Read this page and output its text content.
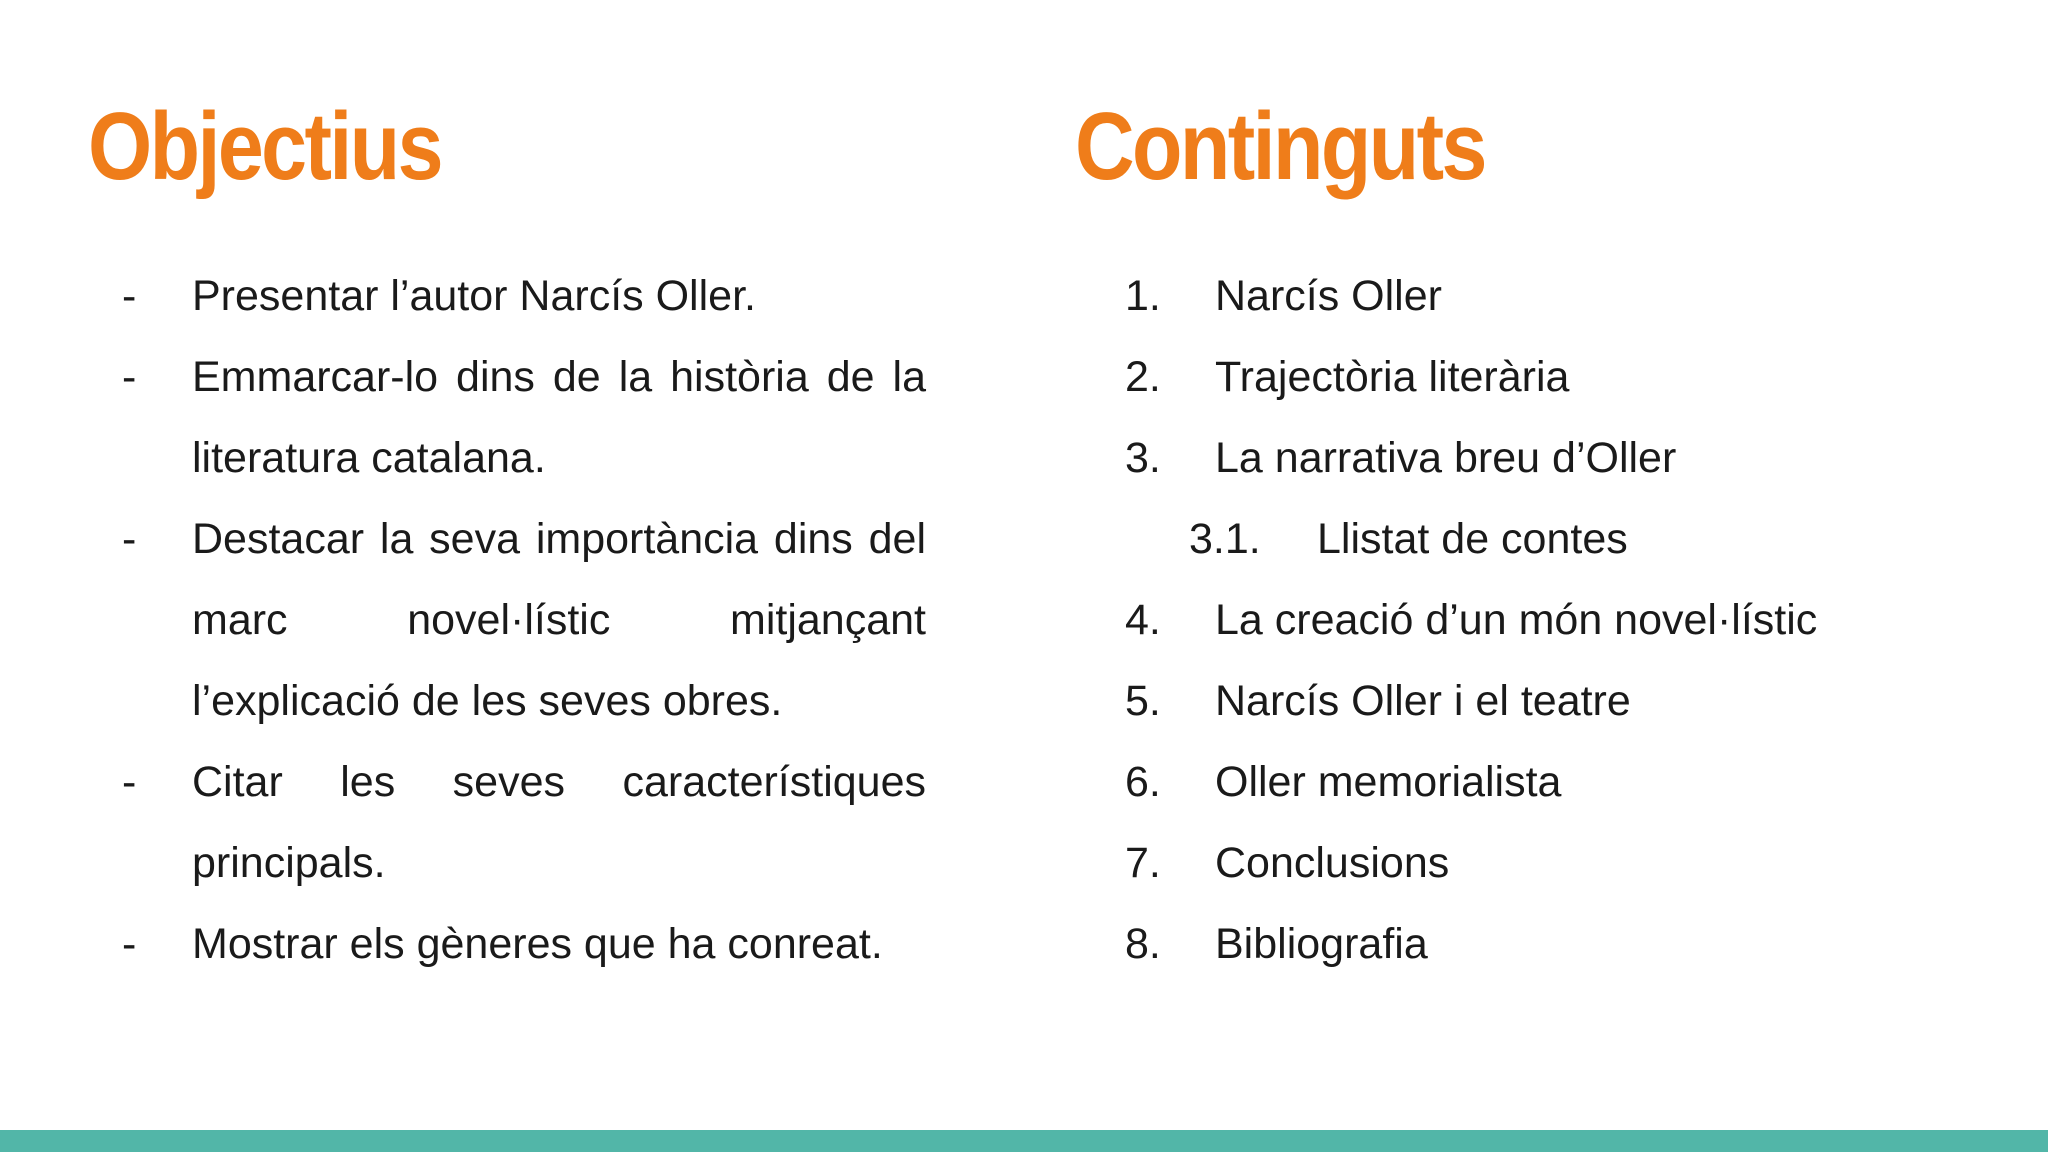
Objectius
- Presentar l’autor Narcís Oller.
- Emmarcar-lo dins de la història de la literatura catalana.
- Destacar la seva importància dins del marc novel·lístic mitjançant l’explicació de les seves obres.
- Citar les seves característiques principals.
- Mostrar els gèneres que ha conreat.
Continguts
1. Narcís Oller
2. Trajectòria literària
3. La narrativa breu d’Oller
3.1. Llistat de contes
4. La creació d’un món novel·lístic
5. Narcís Oller i el teatre
6. Oller memorialista
7. Conclusions
8. Bibliografia
